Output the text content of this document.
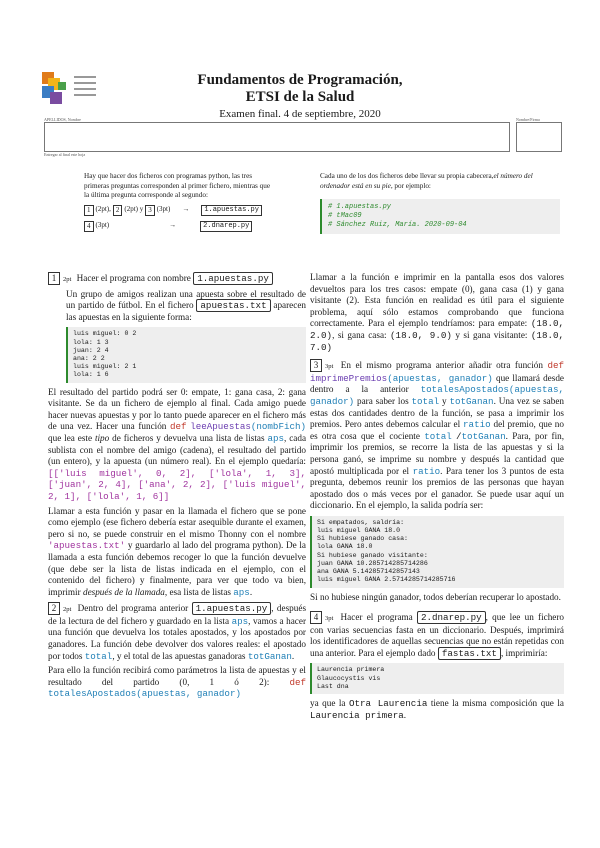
Fundamentos de Programación,
ETSI de la Salud
Examen final. 4 de septiembre, 2020
APELLIDOS, Nombre	Nombre/Firma
Entregar al final este hoja
Hay que hacer dos ficheros con programas python, las tres primeras preguntas corresponden al primer fichero, mientras que la última pregunta corresponde al segundo:
1 (2pt), 2 (2pt) y 3 (3pt) →	1.apuestas.py
4 (3pt)	→	2.dnarep.py
Cada uno de los dos ficheros debe llevar su propia cabecera,el número del ordenador está en su pie, por ejemplo:
# 1.apuestas.py
# tMac09
# Sánchez Ruiz, María. 2020-09-04

1 2pt Hacer el programa con nombre 1.apuestas.py

Un grupo de amigos realizan una apuesta sobre el resultado de un partido de fútbol. En el fichero apuestas.txt aparecen las apuestas en la siguiente forma:

luis miguel: 0 2
lola: 1 3
juan: 2 4
ana: 2 2
luis miguel: 2 1
lola: 1 6

El resultado del partido podrá ser 0: empate, 1: gana casa, 2: gana visitante. Se da un fichero de ejemplo al final. Cada amigo puede hacer nuevas apuestas y por lo tanto puede aparecer en el fichero más de una vez. Hacer una función def leeApuestas(nombFich) que lea este tipo de ficheros y devuelva una lista de listas aps, cada sublista con el nombre del amigo (cadena), el resultado del partido (un entero), y la apuesta (un número real). En el ejemplo quedaría: [['luis miguel', 0, 2], ['lola', 1, 3], ['juan', 2, 4], ['ana', 2, 2], ['luis miguel', 2, 1], ['lola', 1, 6]]

Llamar a esta función y pasar en la llamada el fichero que se pone como ejemplo (ese fichero debería estar asequible durante el examen, pero si no, se puede construir en el mismo Thonny con el nombre 'apuestas.txt' y guardarlo al lado del programa python). De la llamada a esta función debemos recoger lo que la función devuelve (que debe ser la lista de listas indicada en el ejemplo, con el contenido del fichero) y finalmente, para ver que todo va bien, imprimir después de la llamada, esa lista de listas aps.

2 2pt Dentro del programa anterior 1.apuestas.py , después de la lectura de del fichero y guardado en la lista aps, vamos a hacer una función que devuelva los totales apostados, y los apostados por ganadores. La función debe devolver dos valores reales: el apostado por todos total, y el total de las apuestas ganadoras totGanan.

Para ello la función recibirá como parámetros la lista de apuestas y el resultado del partido (0, 1 ó 2): def totalesApostados(apuestas, ganador)

Llamar a la función e imprimir en la pantalla esos dos valores devueltos para los tres casos: empate (0), gana casa (1) y gana visitante (2). Esta función en realidad es útil para el siguiente problema, aquí sólo estamos comprobando que funciona correctamente. Para el ejemplo tendríamos: para empate: (18.0, 2.0), si gana casa: (18.0, 9.0) y si gana visitante: (18.0, 7.0)

3 3pt En el mismo programa anterior añadir otra función def imprimePremios(apuestas, ganador) que llamará desde dentro a la anterior totalesApostados(apuestas, ganador) para saber los total y totGanan. Una vez se saben estas dos cantidades dentro de la función, se pasa a imprimir los premios. Pero antes debemos calcular el ratio del premio, que no es otra cosa que el cociente total /totGanan. Para, por fin, imprimir los premios, se recorre la lista de las apuestas y si la persona ganó, se imprime su nombre y después la cantidad que apostó multiplicada por el ratio. Para tener los 3 puntos de esta pregunta, debemos reunir los premios de las personas que hayan apostado dos o más veces por el ganador. Se puede usar aquí un diccionario. En el ejemplo, la salida podría ser:

Si empatados, saldría:
luis miguel GANA 18.0
Si hubiese ganado casa:
lola GANA 18.0
Si hubiese ganado visitante:
juan GANA 10.285714285714286
ana GANA 5.142857142857143
luis miguel GANA 2.5714285714285716

Si no hubiese ningún ganador, todos deberían recuperar lo apostado.

4 3pt Hacer el programa 2.dnarep.py , que lee un fichero con varias secuencias fasta en un diccionario. Después, imprimirá los identificadores de aquellas secuencias que no están repetidas con una anterior. Para el ejemplo dado fastas.txt , imprimiría:

Laurencia primera
Glaucocystis vis
Last dna

ya que la Otra Laurencia tiene la misma composición que la Laurencia primera.
